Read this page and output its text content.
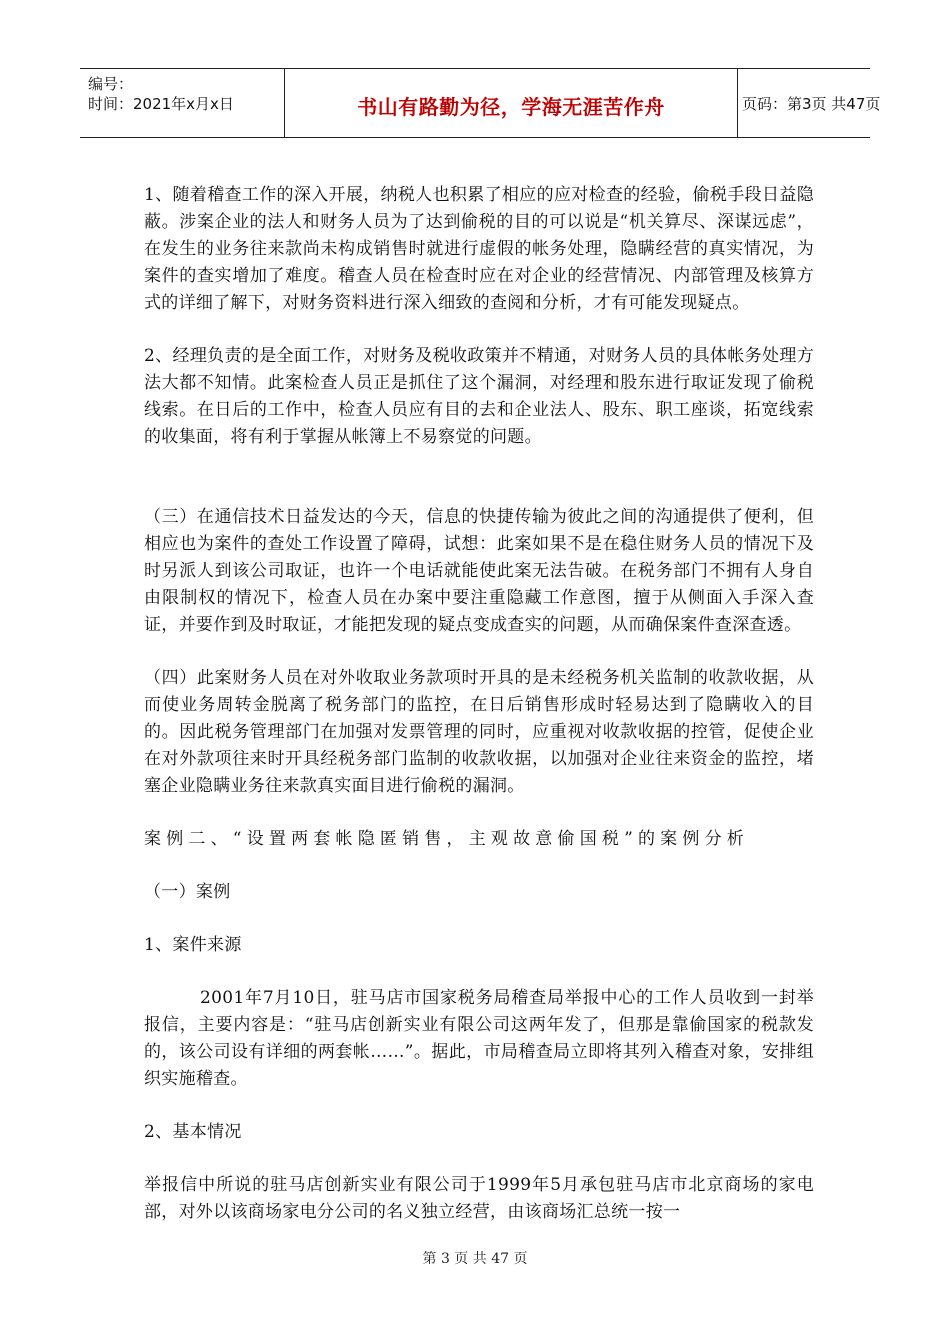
编号：
时间：2021年x月x日	书山有路勤为径，学海无涯苦作舟	页码：第3页 共47页

1、随着稽查工作的深入开展，纳税人也积累了相应的应对检查的经验，偷税手段日益隐蔽。涉案企业的法人和财务人员为了达到偷税的目的可以说是“机关算尽、深谋远虑”，在发生的业务往来款尚未构成销售时就进行虚假的帐务处理，隐瞒经营的真实情况，为案件的查实增加了难度。稽查人员在检查时应在对企业的经营情况、内部管理及核算方式的详细了解下，对财务资料进行深入细致的查阅和分析，才有可能发现疑点。

2、经理负责的是全面工作，对财务及税收政策并不精通，对财务人员的具体帐务处理方法大都不知情。此案检查人员正是抓住了这个漏洞，对经理和股东进行取证发现了偷税线索。在日后的工作中，检查人员应有目的去和企业法人、股东、职工座谈，拓宽线索的收集面，将有利于掌握从帐簿上不易察觉的问题。

（三）在通信技术日益发达的今天，信息的快捷传输为彼此之间的沟通提供了便利，但相应也为案件的查处工作设置了障碍，试想：此案如果不是在稳住财务人员的情况下及时另派人到该公司取证，也许一个电话就能使此案无法告破。在税务部门不拥有人身自由限制权的情况下，检查人员在办案中要注重隐藏工作意图，擅于从侧面入手深入查证，并要作到及时取证，才能把发现的疑点变成查实的问题，从而确保案件查深查透。

（四）此案财务人员在对外收取业务款项时开具的是未经税务机关监制的收款收据，从而使业务周转金脱离了税务部门的监控，在日后销售形成时轻易达到了隐瞒收入的目的。因此税务管理部门在加强对发票管理的同时，应重视对收款收据的控管，促使企业在对外款项往来时开具经税务部门监制的收款收据，以加强对企业往来资金的监控，堵塞企业隐瞒业务往来款真实面目进行偷税的漏洞。

案例二、“设置两套帐隐匿销售，主观故意偷国税”的案例分析

（一）案例

1、案件来源

2001年7月10日，驻马店市国家税务局稽查局举报中心的工作人员收到一封举报信，主要内容是：“驻马店创新实业有限公司这两年发了，但那是靠偷国家的税款发的，该公司设有详细的两套帐……”。据此，市局稽查局立即将其列入稽查对象，安排组织实施稽查。

2、基本情况

举报信中所说的驻马店创新实业有限公司于1999年5月承包驻马店市北京商场的家电部，对外以该商场家电分公司的名义独立经营，由该商场汇总统一按一

第 3 页 共 47 页
